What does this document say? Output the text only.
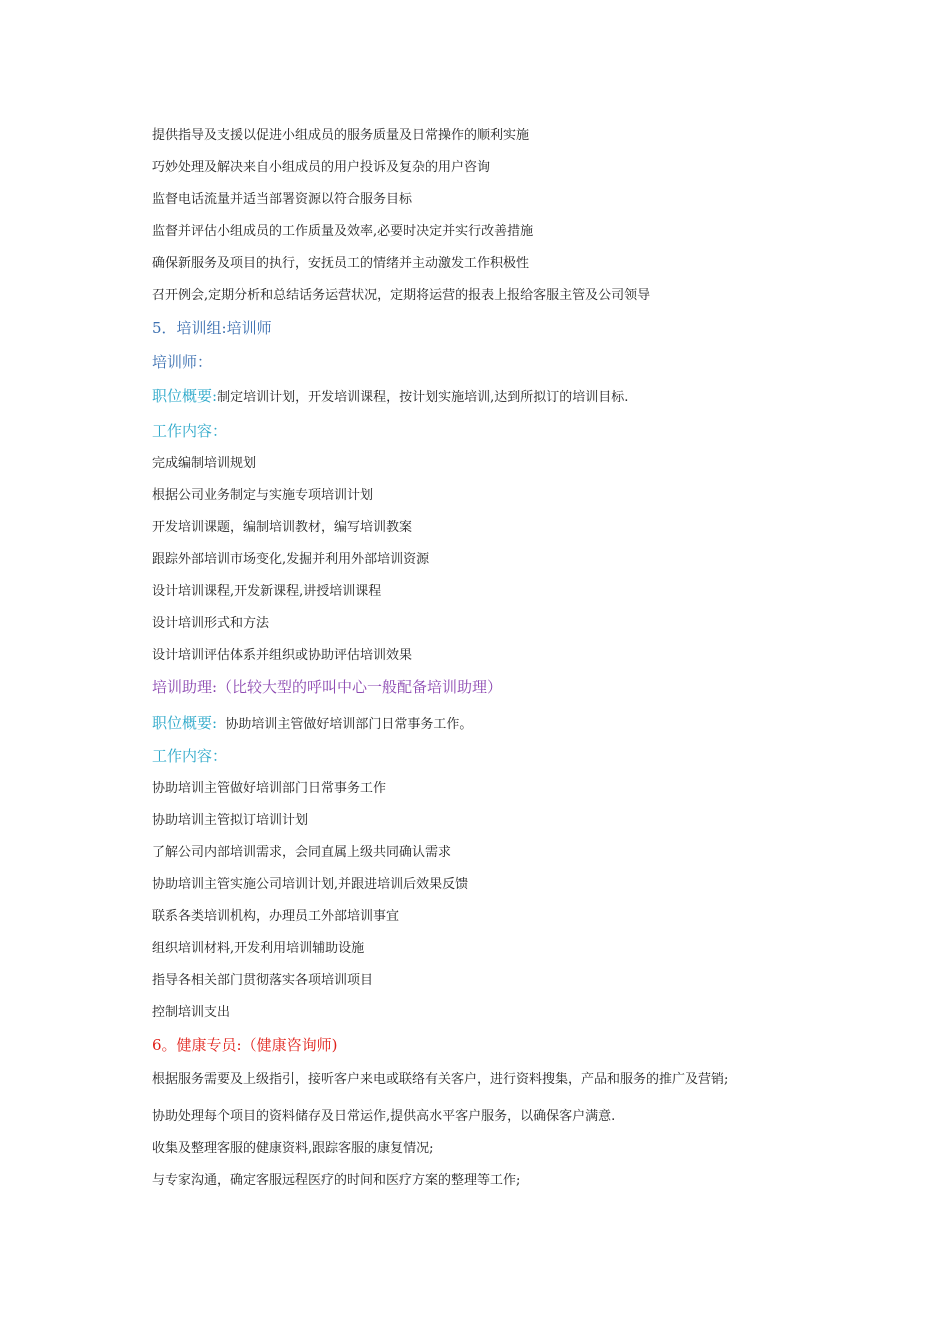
提供指导及支援以促进小组成员的服务质量及日常操作的顺利实施
巧妙处理及解决来自小组成员的用户投诉及复杂的用户咨询
监督电话流量并适当部署资源以符合服务目标
监督并评估小组成员的工作质量及效率,必要时决定并实行改善措施
确保新服务及项目的执行，安抚员工的情绪并主动激发工作积极性
召开例会,定期分析和总结话务运营状况，定期将运营的报表上报给客服主管及公司领导
5．培训组:培训师
培训师：
职位概要:制定培训计划，开发培训课程，按计划实施培训,达到所拟订的培训目标.
工作内容：
完成编制培训规划
根据公司业务制定与实施专项培训计划
开发培训课题，编制培训教材，编写培训教案
跟踪外部培训市场变化,发掘并利用外部培训资源
设计培训课程,开发新课程,讲授培训课程
设计培训形式和方法
设计培训评估体系并组织或协助评估培训效果
培训助理:（比较大型的呼叫中心一般配备培训助理）
职位概要:  协助培训主管做好培训部门日常事务工作。
工作内容：
协助培训主管做好培训部门日常事务工作
协助培训主管拟订培训计划
了解公司内部培训需求，会同直属上级共同确认需求
协助培训主管实施公司培训计划,并跟进培训后效果反馈
联系各类培训机构，办理员工外部培训事宜
组织培训材料,开发利用培训辅助设施
指导各相关部门贯彻落实各项培训项目
控制培训支出
6。健康专员:（健康咨询师)
根据服务需要及上级指引，接听客户来电或联络有关客户，进行资料搜集，产品和服务的推广及营销;
协助处理每个项目的资料储存及日常运作,提供高水平客户服务，以确保客户满意.
收集及整理客服的健康资料,跟踪客服的康复情况;
与专家沟通，确定客服远程医疗的时间和医疗方案的整理等工作;
